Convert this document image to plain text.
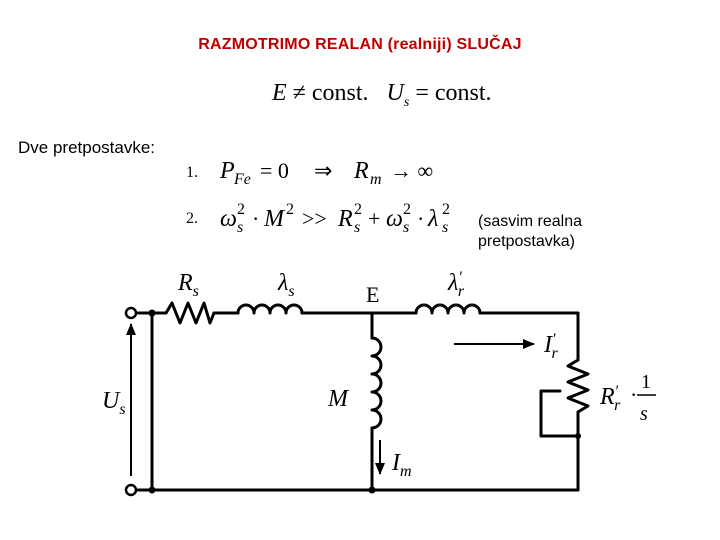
RAZMOTRIMO REALAN (realniji) SLUČAJ
E ≠ const. $U_s$ = const.
Dve pretpostavke:
1.
2.
P Fe = 0 ⇒ R m → ∞
ω s
2 · M 2 >> R s
2 + ω s
2 · λ s
2
(sasvim realna
pretpostavka)
$R_s$	$\lambda_s$	E	λ′ r
I′ r
R′ r · 1
s
M
$I_m$
$U_s$
